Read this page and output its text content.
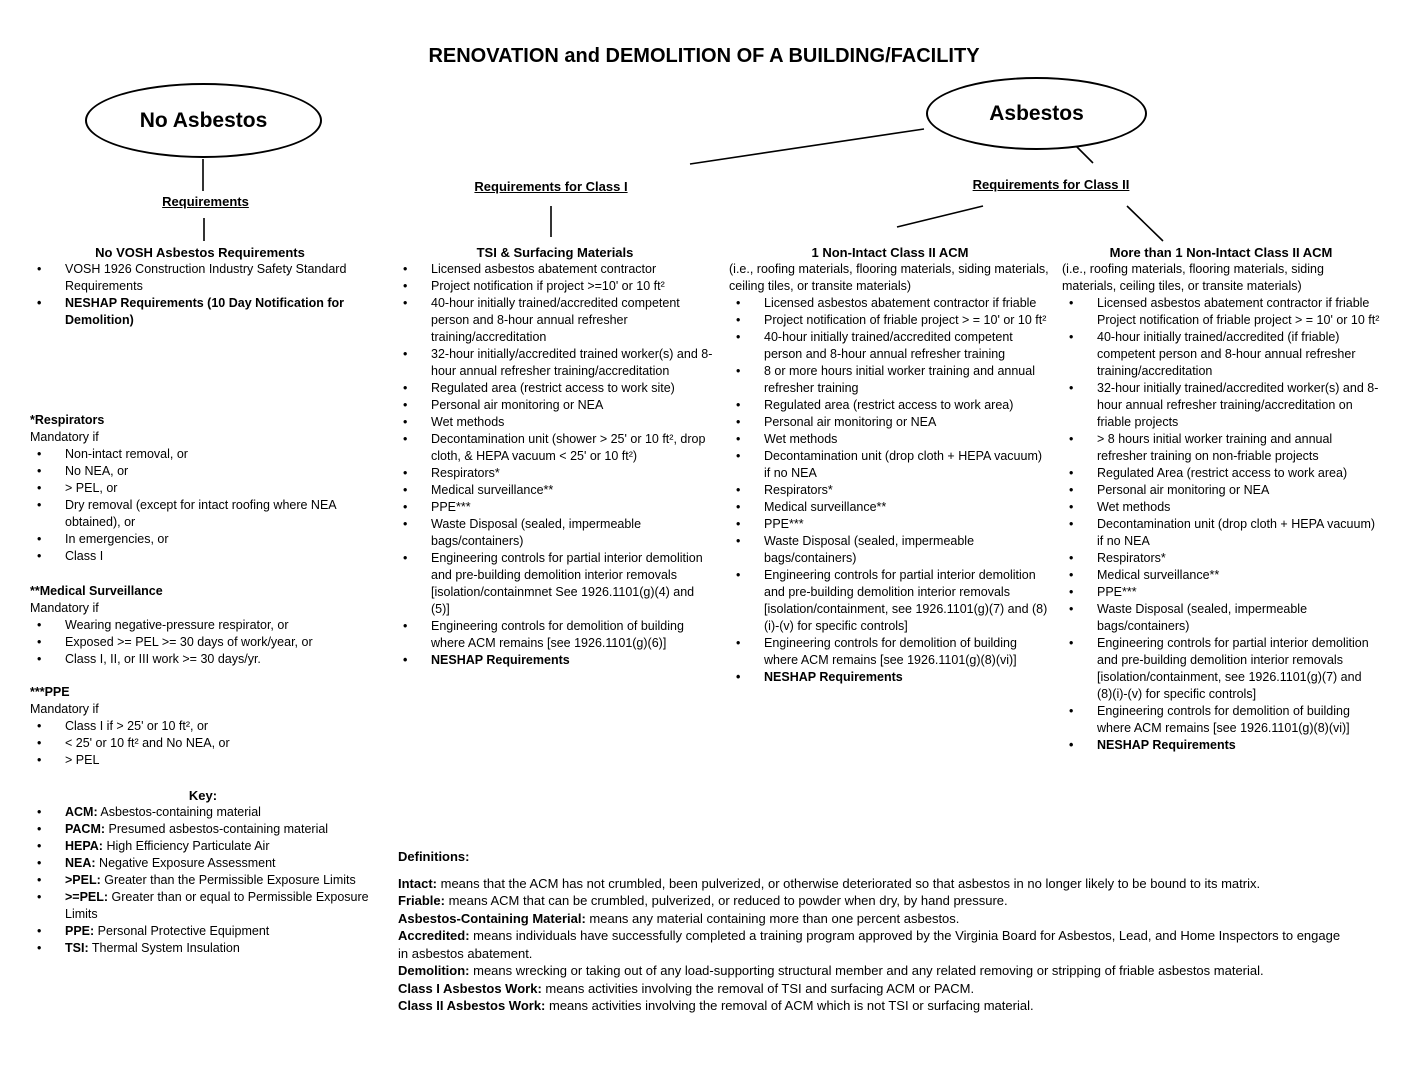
RENOVATION and DEMOLITION OF A BUILDING/FACILITY
No Asbestos	Asbestos
Requirements
Requirements for Class I	Requirements for Class II
No VOSH Asbestos Requirements
• VOSH 1926 Construction Industry Safety Standard Requirements
• NESHAP Requirements (10 Day Notification for Demolition)
*Respirators
Mandatory if
• Non-intact removal, or
• No NEA, or
• > PEL, or
• Dry removal (except for intact roofing where NEA obtained), or
• In emergencies, or
• Class I
**Medical Surveillance
Mandatory if
• Wearing negative-pressure respirator, or
• Exposed >= PEL >= 30 days of work/year, or
• Class I, II, or III work >= 30 days/yr.
***PPE
Mandatory if
• Class I if > 25' or 10 ft², or
• < 25' or 10 ft² and No NEA, or
• > PEL
Key:
• ACM: Asbestos-containing material
• PACM: Presumed asbestos-containing material
• HEPA: High Efficiency Particulate Air
• NEA: Negative Exposure Assessment
• >PEL: Greater than the Permissible Exposure Limits
• >=PEL: Greater than or equal to Permissible Exposure Limits
• PPE: Personal Protective Equipment
• TSI: Thermal System Insulation
TSI & Surfacing Materials
• Licensed asbestos abatement contractor
• Project notification if project >=10' or 10 ft²
• 40-hour initially trained/accredited competent person and 8-hour annual refresher training/accreditation
• 32-hour initially/accredited trained worker(s) and 8-hour annual refresher training/accreditation
• Regulated area (restrict access to work site)
• Personal air monitoring or NEA
• Wet methods
• Decontamination unit (shower > 25' or 10 ft², drop cloth, & HEPA vacuum < 25' or 10 ft²)
• Respirators*
• Medical surveillance**
• PPE***
• Waste Disposal (sealed, impermeable bags/containers)
• Engineering controls for partial interior demolition and pre-building demolition interior removals [isolation/containmnet See 1926.1101(g)(4) and (5)]
• Engineering controls for demolition of building where ACM remains [see 1926.1101(g)(6)]
• NESHAP Requirements
1 Non-Intact Class II ACM
(i.e., roofing materials, flooring materials, siding materials, ceiling tiles, or transite materials)
• Licensed asbestos abatement contractor if friable
• Project notification of friable project > = 10' or 10 ft²
• 40-hour initially trained/accredited competent person and 8-hour annual refresher training
• 8 or more hours initial worker training and annual refresher training
• Regulated area (restrict access to work area)
• Personal air monitoring or NEA
• Wet methods
• Decontamination unit (drop cloth + HEPA vacuum) if no NEA
• Respirators*
• Medical surveillance**
• PPE***
• Waste Disposal (sealed, impermeable bags/containers)
• Engineering controls for partial interior demolition and pre-building demolition interior removals [isolation/containment, see 1926.1101(g)(7) and (8)(i)-(v) for specific controls]
• Engineering controls for demolition of building where ACM remains [see 1926.1101(g)(8)(vi)]
• NESHAP Requirements
More than 1 Non-Intact Class II ACM
(i.e., roofing materials, flooring materials, siding materials, ceiling tiles, or transite materials)
• Licensed asbestos abatement contractor if friable
Project notification of friable project > = 10' or 10 ft²
• 40-hour initially trained/accredited (if friable) competent person and 8-hour annual refresher training/accreditation
• 32-hour initially trained/accredited worker(s) and 8-hour annual refresher training/accreditation on friable projects
• > 8 hours initial worker training and annual refresher training on non-friable projects
• Regulated Area (restrict access to work area)
• Personal air monitoring or NEA
• Wet methods
• Decontamination unit (drop cloth + HEPA vacuum) if no NEA
• Respirators*
• Medical surveillance**
• PPE***
• Waste Disposal (sealed, impermeable bags/containers)
• Engineering controls for partial interior demolition and pre-building demolition interior removals [isolation/containment, see 1926.1101(g)(7) and (8)(i)-(v) for specific controls]
• Engineering controls for demolition of building where ACM remains [see 1926.1101(g)(8)(vi)]
• NESHAP Requirements
Definitions:

Intact: means that the ACM has not crumbled, been pulverized, or otherwise deteriorated so that asbestos in no longer likely to be bound to its matrix.

Friable: means ACM that can be crumbled, pulverized, or reduced to powder when dry, by hand pressure.

Asbestos-Containing Material: means any material containing more than one percent asbestos.

Accredited: means individuals have successfully completed a training program approved by the Virginia Board for Asbestos, Lead, and Home Inspectors to engage in asbestos abatement.

Demolition: means wrecking or taking out of any load-supporting structural member and any related removing or stripping of friable asbestos material.

Class I Asbestos Work: means activities involving the removal of TSI and surfacing ACM or PACM.

Class II Asbestos Work: means activities involving the removal of ACM which is not TSI or surfacing material.
